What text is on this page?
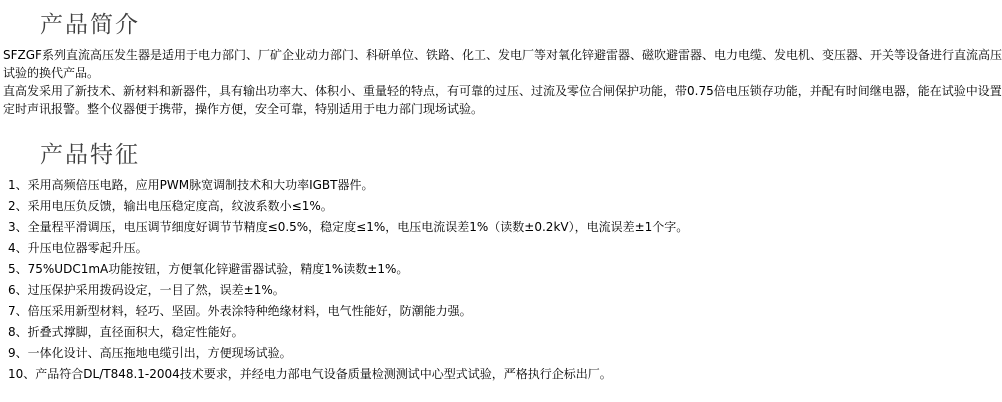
产品简介

SFZGF系列直流高压发生器是适用于电力部门、厂矿企业动力部门、科研单位、铁路、化工、发电厂等对氧化锌避雷器、磁吹避雷器、电力电缆、发电机、变压器、开关等设备进行直流高压试验的换代产品。

直高发采用了新技术、新材料和新器件，具有输出功率大、体积小、重量轻的特点，有可靠的过压、过流及零位合闸保护功能，带0.75倍电压锁存功能，并配有时间继电器，能在试验中设置定时声讯报警。整个仪器便于携带，操作方便，安全可靠，特别适用于电力部门现场试验。

产品特征
1、采用高频倍压电路，应用PWM脉宽调制技术和大功率IGBT器件。
2、采用电压负反馈，输出电压稳定度高，纹波系数小≤1%。
3、全量程平滑调压，电压调节细度好调节节精度≤0.5%，稳定度≤1%，电压电流误差1%（读数±0.2kV），电流误差±1个字。
4、升压电位器零起升压。
5、75%UDC1mA功能按钮，方便氧化锌避雷器试验，精度1%读数±1%。
6、过压保护采用拨码设定，一目了然，误差±1%。
7、倍压采用新型材料，轻巧、坚固。外表涂特种绝缘材料，电气性能好，防潮能力强。
8、折叠式撑脚，直径面积大，稳定性能好。
9、一体化设计、高压拖地电缆引出，方便现场试验。
10、产品符合DL/T848.1-2004技术要求，并经电力部电气设备质量检测测试中心型式试验，严格执行企标出厂。
